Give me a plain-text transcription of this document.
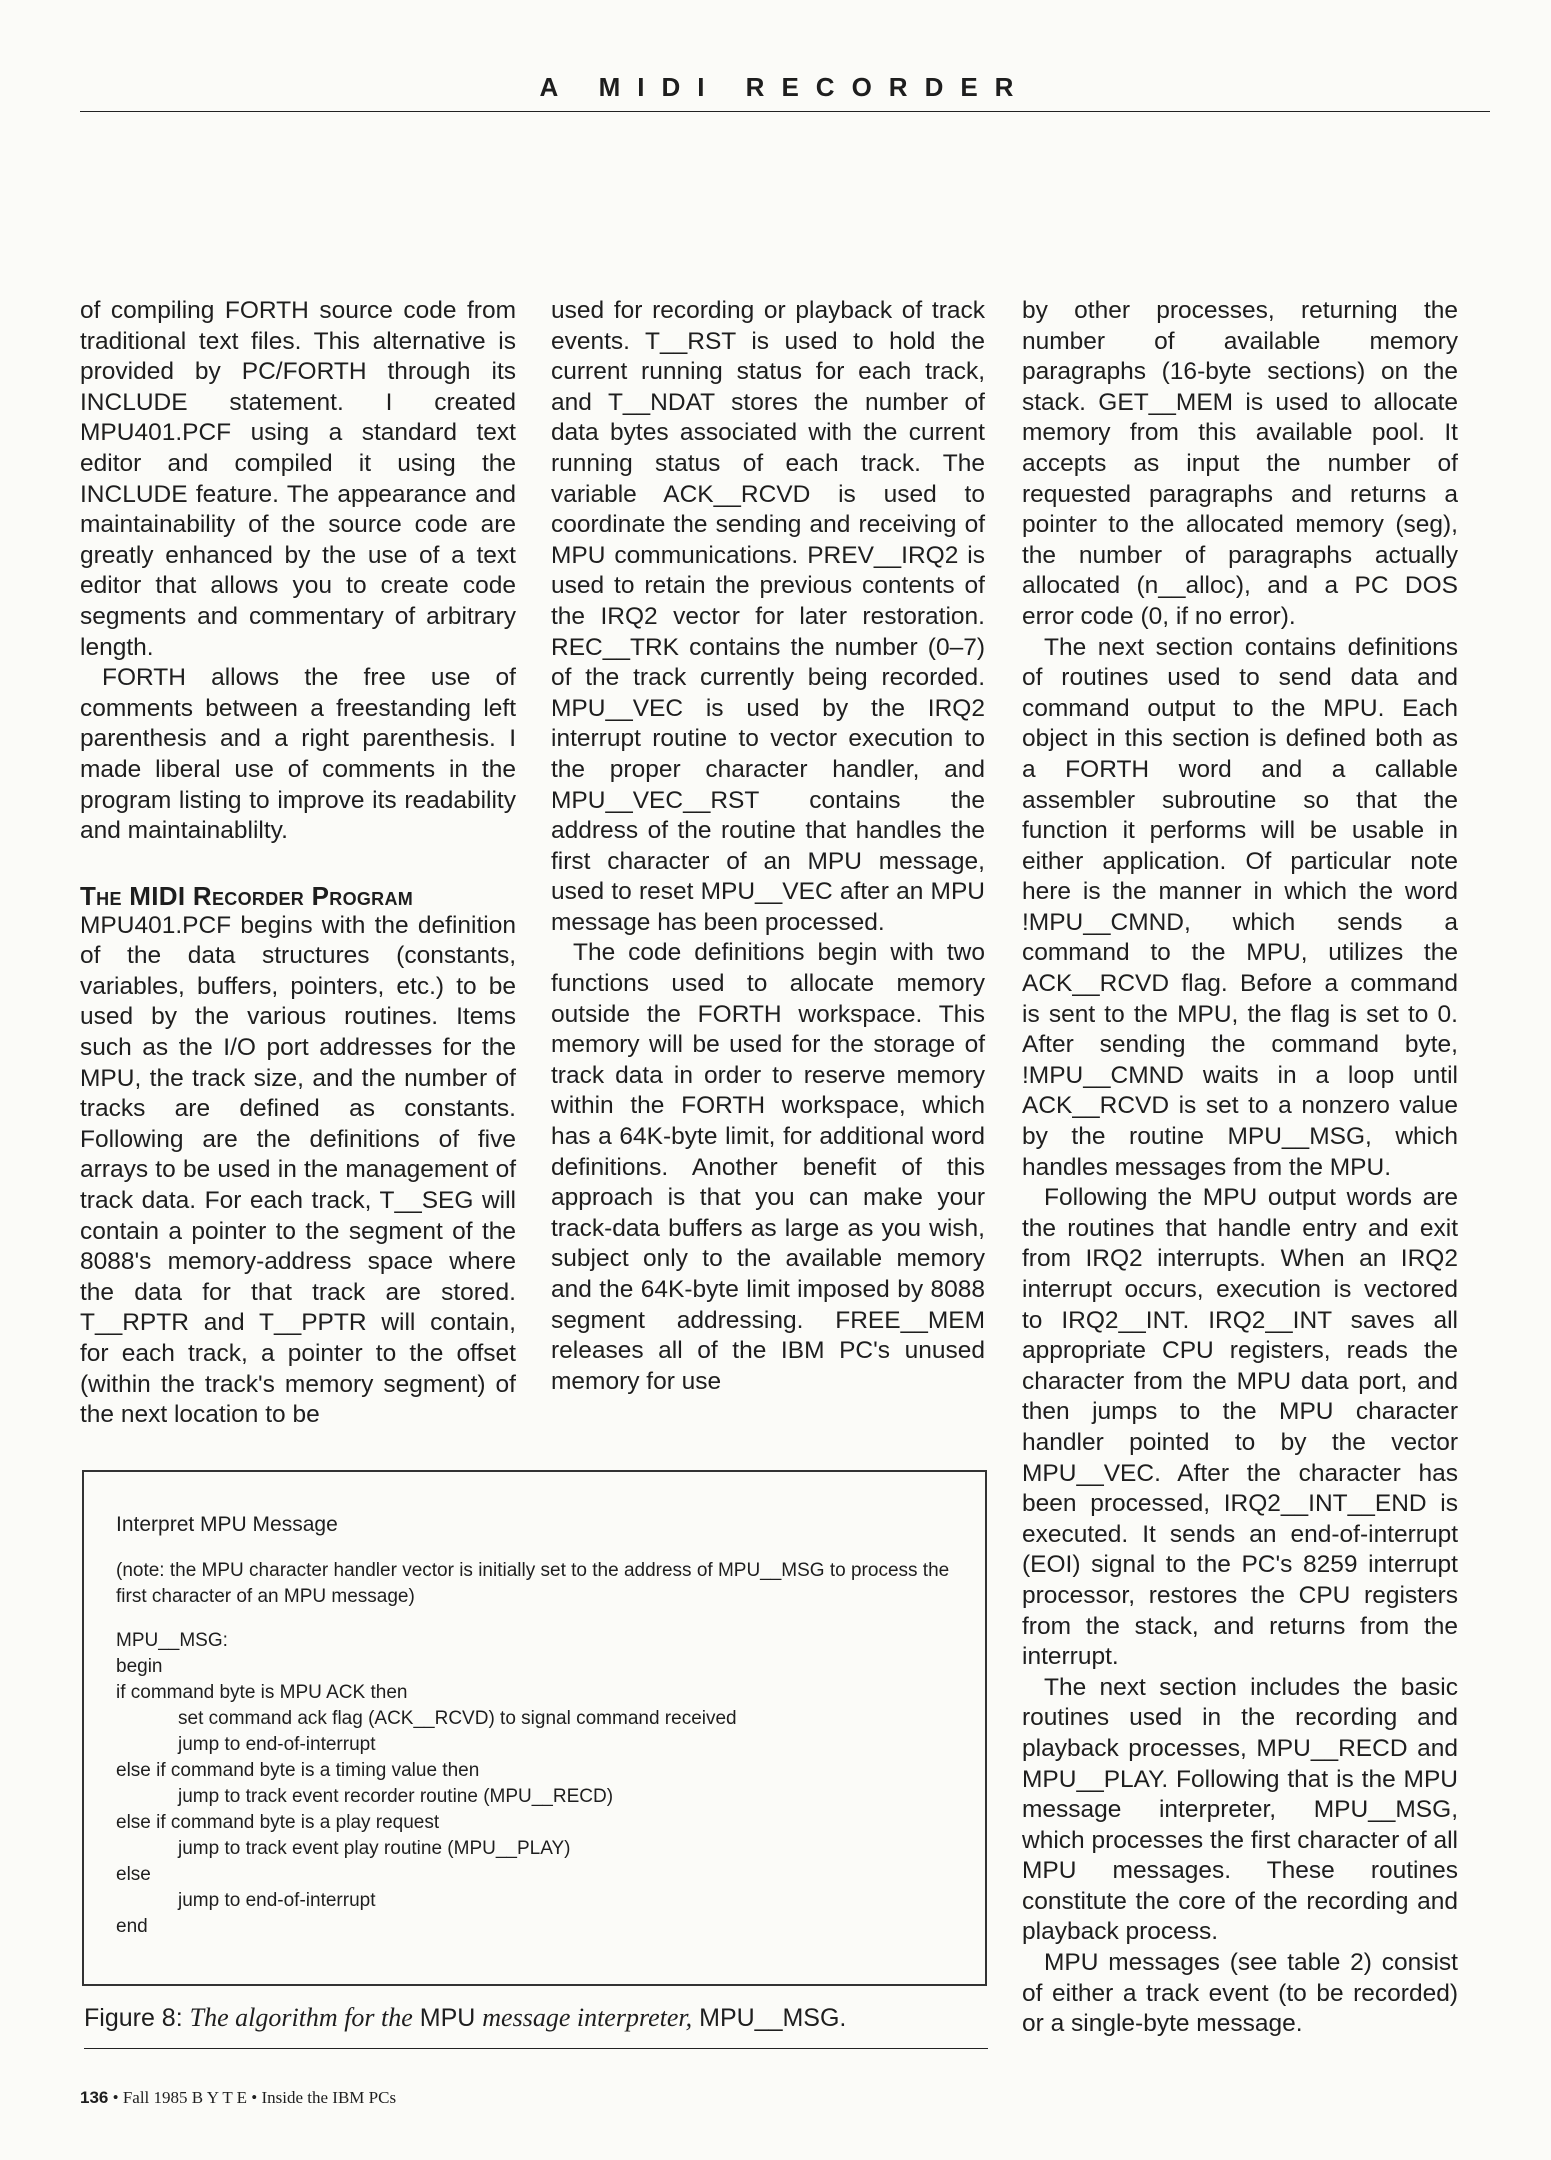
A MIDI RECORDER

of compiling FORTH source code from traditional text files. This alternative is provided by PC/FORTH through its INCLUDE statement. I created MPU401.PCF using a standard text editor and compiled it using the INCLUDE feature. The appearance and maintainability of the source code are greatly enhanced by the use of a text editor that allows you to create code segments and commentary of arbitrary length.

FORTH allows the free use of comments between a freestanding left parenthesis and a right parenthesis. I made liberal use of comments in the program listing to improve its readability and maintainablilty.

The MIDI Recorder Program

MPU401.PCF begins with the definition of the data structures (constants, variables, buffers, pointers, etc.) to be used by the various routines. Items such as the I/O port addresses for the MPU, the track size, and the number of tracks are defined as constants. Following are the definitions of five arrays to be used in the management of track data. For each track, T__SEG will contain a pointer to the segment of the 8088's memory-address space where the data for that track are stored. T__RPTR and T__PPTR will contain, for each track, a pointer to the offset (within the track's memory segment) of the next location to be

used for recording or playback of track events. T__RST is used to hold the current running status for each track, and T__NDAT stores the number of data bytes associated with the current running status of each track. The variable ACK__RCVD is used to coordinate the sending and receiving of MPU communications. PREV__IRQ2 is used to retain the previous contents of the IRQ2 vector for later restoration. REC__TRK contains the number (0–7) of the track currently being recorded. MPU__VEC is used by the IRQ2 interrupt routine to vector execution to the proper character handler, and MPU__VEC__RST contains the address of the routine that handles the first character of an MPU message, used to reset MPU__VEC after an MPU message has been processed.

The code definitions begin with two functions used to allocate memory outside the FORTH workspace. This memory will be used for the storage of track data in order to reserve memory within the FORTH workspace, which has a 64K-byte limit, for additional word definitions. Another benefit of this approach is that you can make your track-data buffers as large as you wish, subject only to the available memory and the 64K-byte limit imposed by 8088 segment addressing. FREE__MEM releases all of the IBM PC's unused memory for use

by other processes, returning the number of available memory paragraphs (16-byte sections) on the stack. GET__MEM is used to allocate memory from this available pool. It accepts as input the number of requested paragraphs and returns a pointer to the allocated memory (seg), the number of paragraphs actually allocated (n__alloc), and a PC DOS error code (0, if no error).

The next section contains definitions of routines used to send data and command output to the MPU. Each object in this section is defined both as a FORTH word and a callable assembler subroutine so that the function it performs will be usable in either application. Of particular note here is the manner in which the word !MPU__CMND, which sends a command to the MPU, utilizes the ACK__RCVD flag. Before a command is sent to the MPU, the flag is set to 0. After sending the command byte, !MPU__CMND waits in a loop until ACK__RCVD is set to a nonzero value by the routine MPU__MSG, which handles messages from the MPU.

Following the MPU output words are the routines that handle entry and exit from IRQ2 interrupts. When an IRQ2 interrupt occurs, execution is vectored to IRQ2__INT. IRQ2__INT saves all appropriate CPU registers, reads the character from the MPU data port, and then jumps to the MPU character handler pointed to by the vector MPU__VEC. After the character has been processed, IRQ2__INT__END is executed. It sends an end-of-interrupt (EOI) signal to the PC's 8259 interrupt processor, restores the CPU registers from the stack, and returns from the interrupt.

The next section includes the basic routines used in the recording and playback processes, MPU__RECD and MPU__PLAY. Following that is the MPU message interpreter, MPU__MSG, which processes the first character of all MPU messages. These routines constitute the core of the recording and playback process.

MPU messages (see table 2) consist of either a track event (to be recorded) or a single-byte message.

Interpret MPU Message
(note: the MPU character handler vector is initially set to the address of MPU__MSG to process the first character of an MPU message)
MPU__MSG:
begin
if command byte is MPU ACK then
set command ack flag (ACK__RCVD) to signal command received
jump to end-of-interrupt
else if command byte is a timing value then
jump to track event recorder routine (MPU__RECD)
else if command byte is a play request
jump to track event play routine (MPU__PLAY)
else
jump to end-of-interrupt
end
Figure 8: The algorithm for the MPU message interpreter, MPU__MSG.
136 • Fall 1985 B Y T E • Inside the IBM PCs
